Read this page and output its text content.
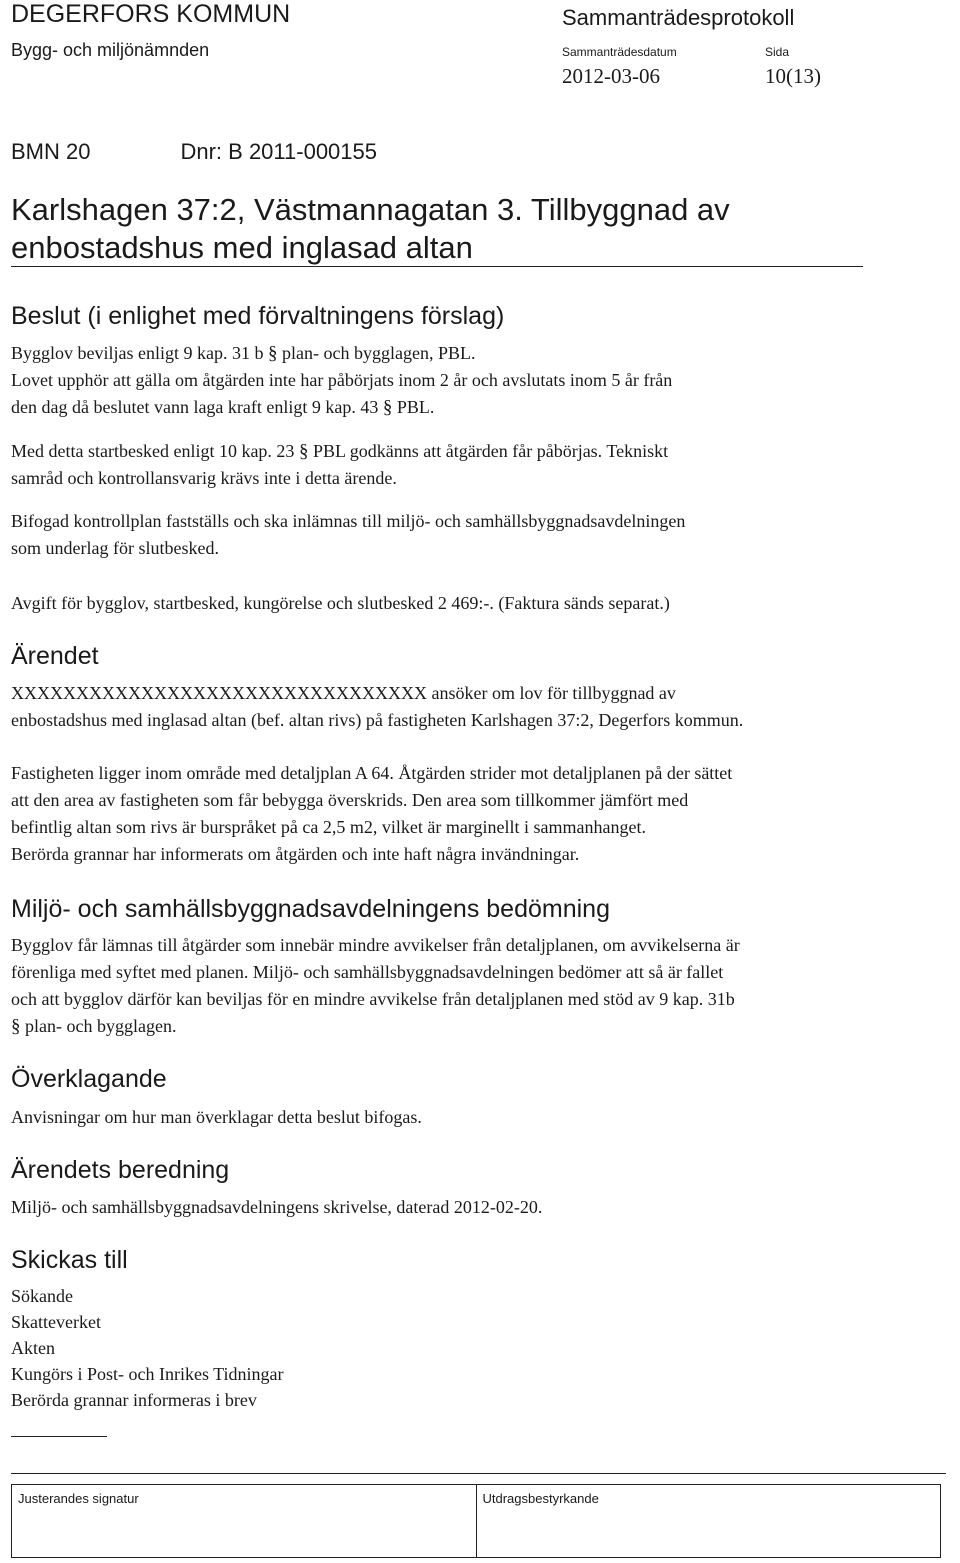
DEGERFORS KOMMUN
Bygg- och miljönämnden
Sammanträdesprotokoll
Sammanträdesdatum	Sida
2012-03-06	10(13)
BMN 20	Dnr: B 2011-000155
Karlshagen 37:2, Västmannagatan 3. Tillbyggnad av enbostadshus med inglasad altan
Beslut (i enlighet med förvaltningens förslag)
Bygglov beviljas enligt 9 kap. 31 b § plan- och bygglagen, PBL.
Lovet upphör att gälla om åtgärden inte har påbörjats inom 2 år och avslutats inom 5 år från
den dag då beslutet vann laga kraft enligt 9 kap. 43 § PBL.
Med detta startbesked enligt 10 kap. 23 § PBL godkänns att åtgärden får påbörjas. Tekniskt
samråd och kontrollansvarig krävs inte i detta ärende.
Bifogad kontrollplan fastställs och ska inlämnas till miljö- och samhällsbyggnadsavdelningen
som underlag för slutbesked.
Avgift för bygglov, startbesked, kungörelse och slutbesked 2 469:-. (Faktura sänds separat.)
Ärendet
XXXXXXXXXXXXXXXXXXXXXXXXXXXXXXXX ansöker om lov för tillbyggnad av
enbostadshus med inglasad altan (bef. altan rivs) på fastigheten Karlshagen 37:2, Degerfors kommun.
Fastigheten ligger inom område med detaljplan A 64. Åtgärden strider mot detaljplanen på der sättet
att den area av fastigheten som får bebygga överskrids. Den area som tillkommer jämfört med
befintlig altan som rivs är burspråket på ca 2,5 m2, vilket är marginellt i sammanhanget.
Berörda grannar har informerats om åtgärden och inte haft några invändningar.
Miljö- och samhällsbyggnadsavdelningens bedömning
Bygglov får lämnas till åtgärder som innebär mindre avvikelser från detaljplanen, om avvikelserna är
förenliga med syftet med planen. Miljö- och samhällsbyggnadsavdelningen bedömer att så är fallet
och att bygglov därför kan beviljas för en mindre avvikelse från detaljplanen med stöd av 9 kap. 31b
§ plan- och bygglagen.
Överklagande
Anvisningar om hur man överklagar detta beslut bifogas.
Ärendets beredning
Miljö- och samhällsbyggnadsavdelningens skrivelse, daterad 2012-02-20.
Skickas till
Sökande
Skatteverket
Akten
Kungörs i Post- och Inrikes Tidningar
Berörda grannar informeras i brev
Justerandes signatur	Utdragsbestyrkande
